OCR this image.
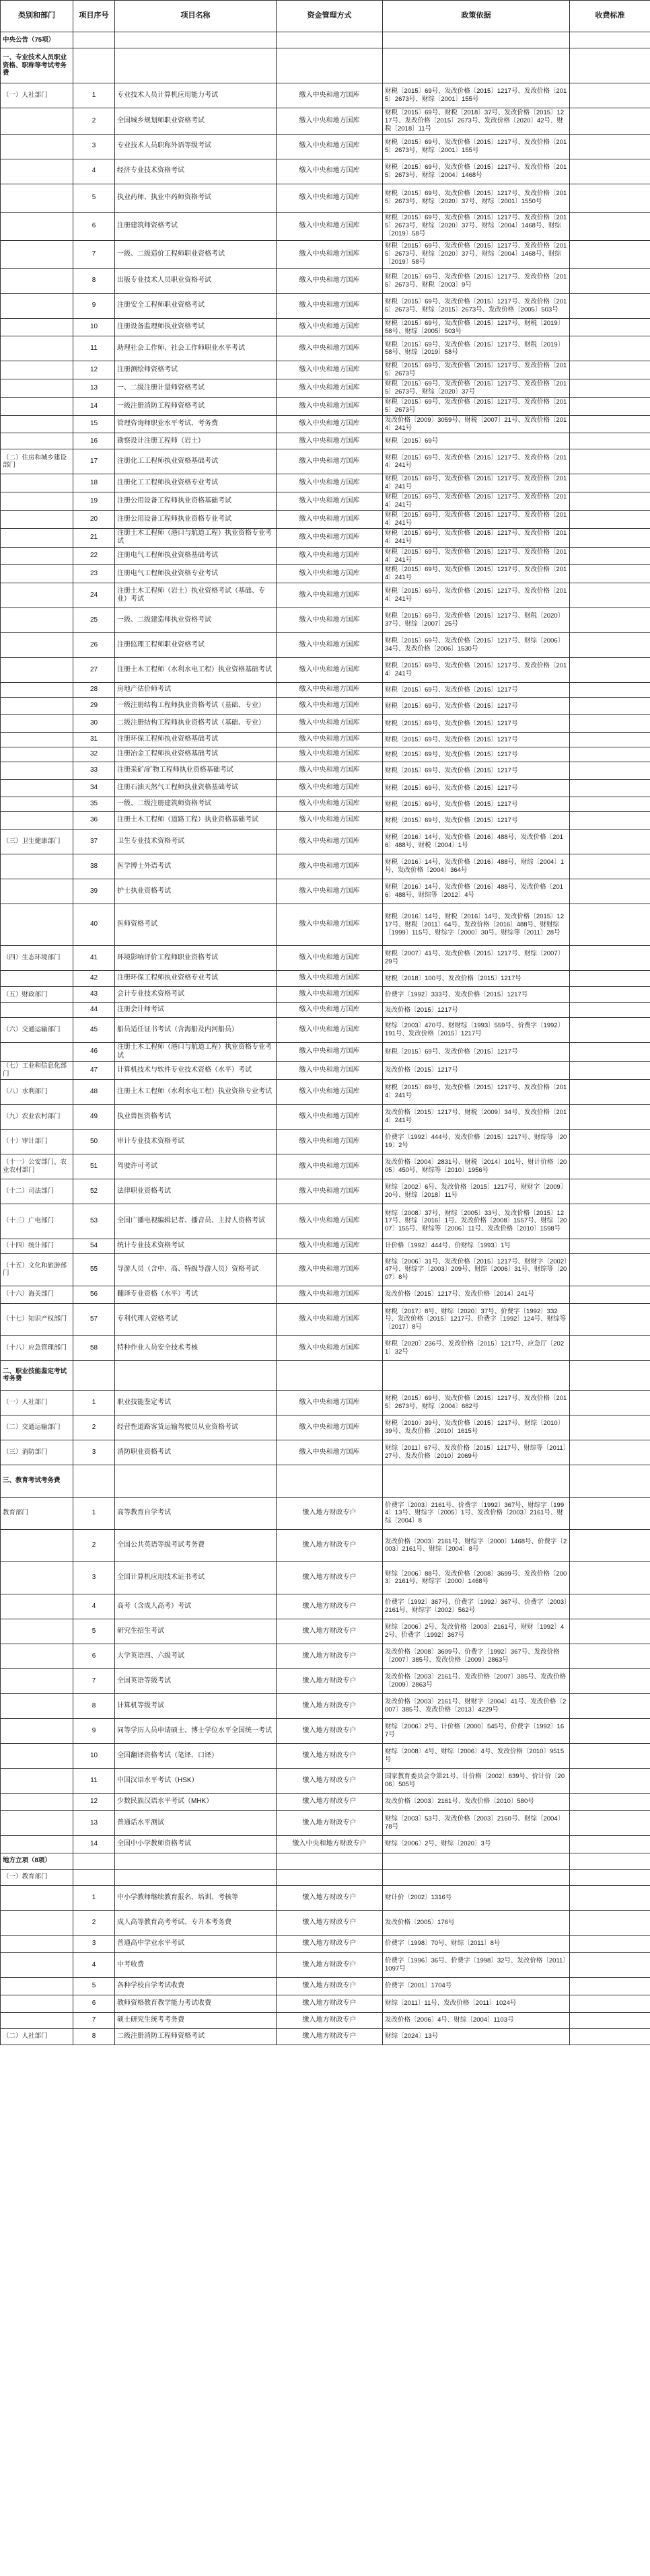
类别和部门	项目序号	项目名称	资金管理方式	政策依据	收费标准
中央公告（75项）					
一、专业技术人员职业资格、职称等考试考务费					
（一）人社部门	1	专业技术人员计算机应用能力考试	缴入中央和地方国库	财税〔2015〕69号、发改价格〔2015〕1217号、发改价格〔2015〕2673号、财综〔2001〕155号	
	2	全国城乡规划师职业资格考试	缴入中央和地方国库	财税〔2015〕69号、财税〔2018〕37号、发改价格〔2015〕1217号、发改价格〔2015〕2673号、发改价格〔2020〕42号、财税〔2018〕11号	
	3	专业技术人员职称外语等级考试	缴入中央和地方国库	财税〔2015〕69号、发改价格〔2015〕1217号、发改价格〔2015〕2673号、财综〔2001〕155号	
	4	经济专业技术资格考试	缴入中央和地方国库	财税〔2015〕69号、发改价格〔2015〕1217号、发改价格〔2015〕2673号、财综〔2004〕1468号	
	5	执业药师、执业中药师资格考试	缴入中央和地方国库	财税〔2015〕69号、发改价格〔2015〕1217号、发改价格〔2015〕2673号、财综〔2020〕37号、财综〔2001〕1550号	
	6	注册建筑师资格考试	缴入中央和地方国库	财税〔2015〕69号、发改价格〔2015〕1217号、发改价格〔2015〕2673号、财综〔2020〕37号、财综〔2004〕1468号、财综〔2019〕58号	
	7	一级、二级造价工程师职业资格考试	缴入中央和地方国库	财税〔2015〕69号、发改价格〔2015〕1217号、发改价格〔2015〕2673号、财综〔2020〕37号、财综〔2004〕1468号、财综〔2019〕58号	
	8	出版专业技术人员职业资格考试	缴入中央和地方国库	财税〔2015〕69号、发改价格〔2015〕1217号、发改价格〔2015〕2673号、财税〔2003〕9号	
	9	注册安全工程师职业资格考试	缴入中央和地方国库	财税〔2015〕69号、发改价格〔2015〕1217号、发改价格〔2015〕2673号、财综〔2015〕2673号、发改价格〔2005〕503号	
	10	注册设备监理师执业资格考试	缴入中央和地方国库	财税〔2015〕69号、发改价格〔2015〕1217号、财税〔2019〕58号、财综〔2005〕503号	
	11	助理社会工作师、社会工作师职业水平考试	缴入中央和地方国库	财税〔2015〕69号、发改价格〔2015〕1217号、财税〔2019〕58号、财综〔2019〕58号	
	12	注册测绘师资格考试	缴入中央和地方国库	财税〔2015〕69号、发改价格〔2015〕1217号、发改价格〔2015〕2673号	
	13	一、二级注册计量师资格考试	缴入中央和地方国库	财税〔2015〕69号、发改价格〔2015〕1217号、发改价格〔2015〕2673号、财综〔2020〕37号	
	14	一级注册消防工程师资格考试	缴入中央和地方国库	财税〔2015〕69号、发改价格〔2015〕1217号、发改价格〔2015〕2673号	
	15	管理咨询师职业水平考试、考务费	缴入中央和地方国库	发改价格〔2009〕3059号、财税〔2007〕21号、发改价格〔2014〕241号	
	16	勘察设计注册工程师（岩土）	缴入中央和地方国库	财税〔2015〕69号	
（二）住房和城乡建设部门	17	注册化工工程师执业资格基础考试	缴入中央和地方国库	财税〔2015〕69号、发改价格〔2015〕1217号、发改价格〔2014〕241号	
	18	注册化工工程师执业资格专业考试	缴入中央和地方国库	财税〔2015〕69号、发改价格〔2015〕1217号、发改价格〔2014〕241号	
	19	注册公用设备工程师执业资格基础考试	缴入中央和地方国库	财税〔2015〕69号、发改价格〔2015〕1217号、发改价格〔2014〕241号	
	20	注册公用设备工程师执业资格专业考试	缴入中央和地方国库	财税〔2015〕69号、发改价格〔2015〕1217号、发改价格〔2014〕241号	
	21	注册土木工程师（港口与航道工程）执业资格专业考试	缴入中央和地方国库	财税〔2015〕69号、发改价格〔2015〕1217号、发改价格〔2014〕241号	
	22	注册电气工程师执业资格基础考试	缴入中央和地方国库	财税〔2015〕69号、发改价格〔2015〕1217号、发改价格〔2014〕241号	
	23	注册电气工程师执业资格专业考试	缴入中央和地方国库	财税〔2015〕69号、发改价格〔2015〕1217号、发改价格〔2014〕241号	
	24	注册土木工程师（岩土）执业资格考试（基础、专业）考试	缴入中央和地方国库	财税〔2015〕69号、发改价格〔2015〕1217号、发改价格〔2014〕241号	
	25	一级、二级建造师执业资格考试	缴入中央和地方国库	财税〔2015〕69号、发改价格〔2015〕1217号、财税〔2020〕37号、财综〔2007〕25号	
	26	注册监理工程师职业资格考试	缴入中央和地方国库	财税〔2015〕69号、发改价格〔2015〕1217号、财综〔2006〕34号、发改价格〔2006〕1530号	
	27	注册土木工程师（水利水电工程）执业资格基础考试	缴入中央和地方国库	财税〔2015〕69号、发改价格〔2015〕1217号、发改价格〔2014〕241号	
	28	房地产估价师考试	缴入中央和地方国库	财税〔2015〕69号、发改价格〔2015〕1217号	
	29	一级注册结构工程师执业资格考试（基础、专业）	缴入中央和地方国库	财税〔2015〕69号、发改价格〔2015〕1217号	
	30	二级注册结构工程师执业资格考试（基础、专业）	缴入中央和地方国库	财税〔2015〕69号、发改价格〔2015〕1217号	
	31	注册环保工程师执业资格基础考试	缴入中央和地方国库	财税〔2015〕69号、发改价格〔2015〕1217号	
	32	注册冶金工程师执业资格基础考试	缴入中央和地方国库	财税〔2015〕69号、发改价格〔2015〕1217号	
	33	注册采矿/矿物工程师执业资格基础考试	缴入中央和地方国库	财税〔2015〕69号、发改价格〔2015〕1217号	
	34	注册石油天然气工程师执业资格基础考试	缴入中央和地方国库	财税〔2015〕69号、发改价格〔2015〕1217号	
	35	一级、二级注册建筑师资格考试	缴入中央和地方国库	财税〔2015〕69号、发改价格〔2015〕1217号	
	36	注册土木工程师（道路工程）执业资格基础考试	缴入中央和地方国库	财税〔2015〕69号、发改价格〔2015〕1217号	
（三）卫生健康部门	37	卫生专业技术资格考试	缴入中央和地方国库	财税〔2016〕14号、发改价格〔2016〕488号、发改价格〔2016〕488号、财税〔2004〕1号	
	38	医学博士外语考试	缴入中央和地方国库	财税〔2016〕14号、发改价格〔2016〕488号、财综〔2004〕1号、发改价格〔2004〕364号	
	39	护士执业资格考试	缴入中央和地方国库	财税〔2016〕14号、发改价格〔2016〕488号、发改价格〔2016〕488号、财综等〔2012〕4号	
	40	医师资格考试	缴入中央和地方国库	财税〔2016〕14号、财税〔2016〕14号、发改价格〔2015〕1217号、财税〔2011〕64号、发改价格〔2016〕488号、财财综〔1999〕115号、财综字〔2000〕30号、财综等〔2011〕28号	
（四）生态环境部门	41	环境影响评价工程师职业资格考试	缴入中央和地方国库	财税〔2007〕41号、发改价格〔2015〕1217号、财综〔2007〕29号	
	42	注册环保工程师执业资格专业考试	缴入中央和地方国库	财税〔2018〕100号、发改价格〔2015〕1217号	
（五）财政部门	43	会计专业技术资格考试	缴入中央和地方国库	价费字〔1992〕333号、发改价格〔2015〕1217号	
	44	注册会计师考试	缴入中央和地方国库	发改价格〔2015〕1217号	
（六）交通运输部门	45	船员适任证书考试（含海船及内河船员）	缴入中央和地方国库	财综〔2003〕470号、财财综〔1993〕559号、价费字〔1992〕191号、发改价格〔2015〕1217号	
	46	注册土木工程师（港口与航道工程）执业资格专业考试	缴入中央和地方国库	财税〔2015〕69号、发改价格〔2015〕1217号	
（七）工业和信息化部门	47	计算机技术与软件专业技术资格（水平）考试	缴入中央和地方国库	发改价格〔2015〕1217号	
（八）水利部门	48	注册土木工程师（水利水电工程）执业资格专业考试	缴入中央和地方国库	财税〔2015〕69号、发改价格〔2015〕1217号、发改价格〔2014〕241号	
（九）农业农村部门	49	执业兽医资格考试	缴入中央和地方国库	发改价格〔2015〕1217号、财税〔2009〕34号、发改价格〔2014〕241号	
（十）审计部门	50	审计专业技术资格考试	缴入中央和地方国库	价费字〔1992〕444号、发改价格〔2015〕1217号、财综等〔2019〕2号	
（十一）公安部门、农业农村部门	51	驾驶许可考试	缴入中央和地方国库	发改价格〔2004〕2831号、财税〔2014〕101号、财计价格〔2005〕450号、财综等〔2010〕1956号	
（十二）司法部门	52	法律职业资格考试	缴入中央和地方国库	财综〔2002〕6号、发改价格〔2015〕1217号、财财字〔2009〕20号、财综〔2018〕11号	
（十三）广电部门	53	全国广播电视编辑记者、播音员、主持人资格考试	缴入中央和地方国库	财综〔2008〕37号、财综〔2005〕33号、发改价格〔2015〕1217号、财综〔2016〕1号、发改价格〔2008〕1557号、财综〔2007〕155号、财综等〔2006〕11号、发改价格〔2010〕1598号	
（十四）统计部门	54	统计专业技术资格考试	缴入中央和地方国库	计价格〔1992〕444号、价财综〔1993〕1号	
（十五）文化和旅游部门	55	导游人员（含中、高、特级导游人员）资格考试	缴入中央和地方国库	财综〔2006〕31号、发改价格〔2015〕1217号、财财字〔2002〕47号、财综字〔2003〕209号、财综〔2006〕31号、财综等〔2007〕8号	
（十六）海关部门	56	翻译专业资格（水平）考试	缴入中央和地方国库	发改价格〔2015〕1217号、发改价格〔2014〕241号	
（十七）知识产权部门	57	专利代理人资格考试	缴入中央和地方国库	财税〔2017〕8号、财综〔2020〕37号、价费字〔1992〕332号、发改价格〔2015〕1217号、价费字〔1992〕124号、财综等〔2017〕8号	
（十八）应急管理部门	58	特种作业人员安全技术考核	缴入中央和地方国库	财税〔2020〕236号、发改价格〔2015〕1217号、应急厅〔2021〕32号	
二、职业技能鉴定考试考务费					
（一）人社部门	1	职业技能鉴定考试	缴入中央和地方国库	财税〔2015〕69号、发改价格〔2015〕1217号、发改价格〔2015〕2673号、财综〔2004〕682号	
（二）交通运输部门	2	经营性道路客货运输驾驶员从业资格考试	缴入中央和地方国库	财税〔2010〕39号、发改价格〔2015〕1217号、财综〔2010〕39号、发改价格〔2010〕1615号	
（三）消防部门	3	消防职业资格考试	缴入中央和地方国库	财综〔2011〕67号、发改价格〔2015〕1217号、财综等〔2011〕27号、发改价格〔2010〕2069号	
三、教育考试考务费					
教育部门	1	高等教育自学考试	缴入地方财政专户	价费字〔2003〕2161号、价费字〔1992〕367号、财综字〔1994〕13号、财综字〔2005〕1号、发改价格〔2003〕2161号、财综〔2004〕8	
	2	全国公共英语等级考试考务费	缴入地方财政专户	发改价格〔2003〕2161号、财综字〔2000〕1468号、价费字〔2003〕2161号、财综〔2004〕8号	
	3	全国计算机应用技术证书考试	缴入地方财政专户	财综〔2006〕88号、发改价格〔2008〕3699号、发改价格〔2003〕2161号、财综字〔2000〕1468号	
	4	高考（含成人高考）考试	缴入地方财政专户	价费字〔1992〕367号、价费字〔1992〕367号、价费字〔2003〕2161号、财综字〔2002〕562号	
	5	研究生招生考试	缴入地方财政专户	财综〔2006〕2号、发改价格〔2003〕2161号、财财〔1992〕42号、价费字〔1992〕367号	
	6	大学英语四、六级考试	缴入地方财政专户	发改价格〔2008〕3699号、价费字〔1992〕367号、发改价格〔2007〕385号、发改价格〔2009〕2863号	
	7	全国英语等级考试	缴入地方财政专户	发改价格〔2003〕2161号、发改价格〔2007〕385号、发改价格〔2009〕2863号	
	8	计算机等级考试	缴入地方财政专户	发改价格〔2003〕2161号、财财字〔2004〕41号、发改价格〔2007〕385号、发改价格〔2013〕4229号	
	9	同等学历人员申请硕士、博士学位水平全国统一考试	缴入地方财政专户	财综〔2006〕2号、计价格〔2000〕545号、价费字〔1992〕167号	
	10	全国翻译资格考试（笔译、口译）	缴入地方财政专户	财综〔2008〕4号、财综〔2006〕4号、发改价格〔2010〕9515号	
	11	中国汉语水平考试（HSK）	缴入地方财政专户	国家教育委员会令第21号、计价格〔2002〕639号、价计价〔2006〕505号	
	12	少数民族汉语水平考试（MHK）	缴入地方财政专户	发改价格〔2003〕2161号、发改价格〔2010〕580号	
	13	普通话水平测试	缴入地方财政专户	财综〔2003〕53号、发改价格〔2003〕2160号、财综〔2004〕78号	
	14	全国中小学教师资格考试	缴入中央和地方财政专户	财综〔2006〕2号、财综〔2020〕3号	
地方立项（8项）					
（一）教育部门					
	1	中小学教师继续教育报名、培训、考核等	缴入地方财政专户	财计价〔2002〕1316号	
	2	成人高等教育高考考试、专升本考务费	缴入地方财政专户	发改价格〔2005〕176号	
	3	普通高中学业水平考试	缴入地方财政专户	价费字〔1998〕70号、财综〔2011〕8号	
	4	中考收费	缴入地方财政专户	价费字〔1996〕36号、价费字〔1998〕32号、发改价格〔2011〕1097号	
	5	各种学校自学考试收费	缴入地方财政专户	价费字〔2001〕1704号	
	6	教师资格教育教学能力考试收费	缴入地方财政专户	财综〔2011〕11号、发改价格〔2011〕1024号	
	7	硕士研究生统考考务费	缴入地方财政专户	发改价格〔2006〕4号、财综〔2004〕1103号	
（二）人社部门	8	二级注册消防工程师资格考试	缴入地方财政专户	财综〔2024〕13号	
